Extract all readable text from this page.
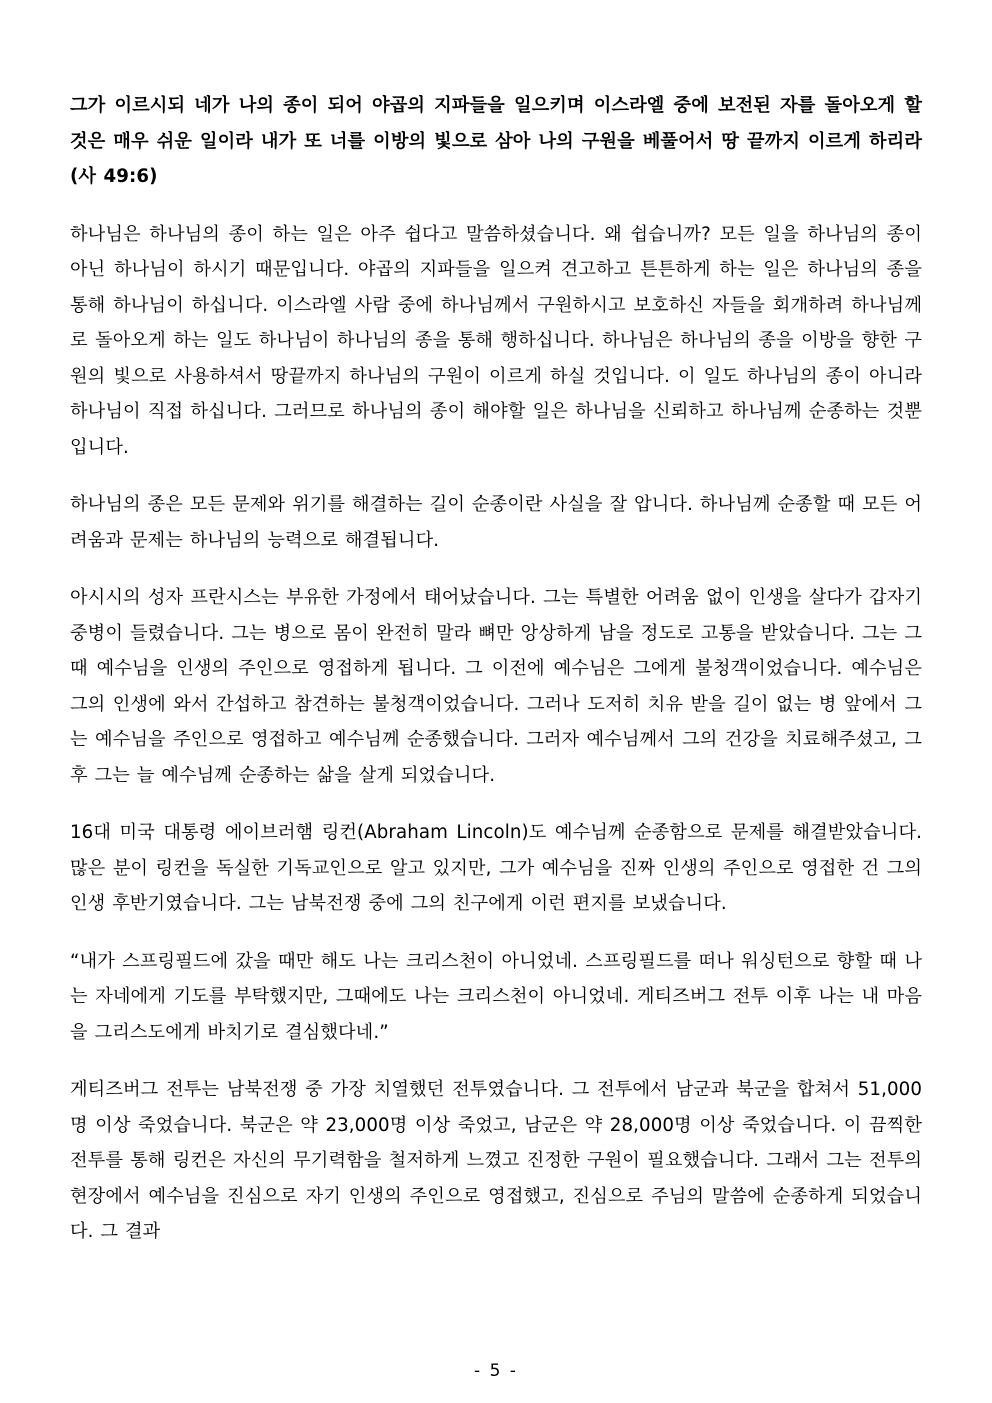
그가 이르시되 네가 나의 종이 되어 야곱의 지파들을 일으키며 이스라엘 중에 보전된 자를 돌아오게 할 것은 매우 쉬운 일이라 내가 또 너를 이방의 빛으로 삼아 나의 구원을 베풀어서 땅 끝까지 이르게 하리라(사 49:6)

하나님은 하나님의 종이 하는 일은 아주 쉽다고 말씀하셨습니다. 왜 쉽습니까? 모든 일을 하나님의 종이 아닌 하나님이 하시기 때문입니다. 야곱의 지파들을 일으켜 견고하고 튼튼하게 하는 일은 하나님의 종을 통해 하나님이 하십니다. 이스라엘 사람 중에 하나님께서 구원하시고 보호하신 자들을 회개하려 하나님께로 돌아오게 하는 일도 하나님이 하나님의 종을 통해 행하십니다. 하나님은 하나님의 종을 이방을 향한 구원의 빛으로 사용하셔서 땅끝까지 하나님의 구원이 이르게 하실 것입니다. 이 일도 하나님의 종이 아니라 하나님이 직접 하십니다. 그러므로 하나님의 종이 해야할 일은 하나님을 신뢰하고 하나님께 순종하는 것뿐입니다.

하나님의 종은 모든 문제와 위기를 해결하는 길이 순종이란 사실을 잘 압니다. 하나님께 순종할 때 모든 어려움과 문제는 하나님의 능력으로 해결됩니다.

아시시의 성자 프란시스는 부유한 가정에서 태어났습니다. 그는 특별한 어려움 없이 인생을 살다가 갑자기 중병이 들렸습니다. 그는 병으로 몸이 완전히 말라 뼈만 앙상하게 남을 정도로 고통을 받았습니다. 그는 그때 예수님을 인생의 주인으로 영접하게 됩니다. 그 이전에 예수님은 그에게 불청객이었습니다. 예수님은 그의 인생에 와서 간섭하고 참견하는 불청객이었습니다. 그러나 도저히 치유 받을 길이 없는 병 앞에서 그는 예수님을 주인으로 영접하고 예수님께 순종했습니다. 그러자 예수님께서 그의 건강을 치료해주셨고, 그 후 그는 늘 예수님께 순종하는 삶을 살게 되었습니다.

16대 미국 대통령 에이브러햄 링컨(Abraham Lincoln)도 예수님께 순종함으로 문제를 해결받았습니다. 많은 분이 링컨을 독실한 기독교인으로 알고 있지만, 그가 예수님을 진짜 인생의 주인으로 영접한 건 그의 인생 후반기였습니다. 그는 남북전쟁 중에 그의 친구에게 이런 편지를 보냈습니다.

“내가 스프링필드에 갔을 때만 해도 나는 크리스천이 아니었네. 스프링필드를 떠나 워싱턴으로 향할 때 나는 자네에게 기도를 부탁했지만, 그때에도 나는 크리스천이 아니었네. 게티즈버그 전투 이후 나는 내 마음을 그리스도에게 바치기로 결심했다네.”

게티즈버그 전투는 남북전쟁 중 가장 치열했던 전투였습니다. 그 전투에서 남군과 북군을 합쳐서 51,000명 이상 죽었습니다. 북군은 약 23,000명 이상 죽었고, 남군은 약 28,000명 이상 죽었습니다. 이 끔찍한 전투를 통해 링컨은 자신의 무기력함을 철저하게 느꼈고 진정한 구원이 필요했습니다. 그래서 그는 전투의 현장에서 예수님을 진심으로 자기 인생의 주인으로 영접했고, 진심으로 주님의 말씀에 순종하게 되었습니다. 그 결과

- 5 -
